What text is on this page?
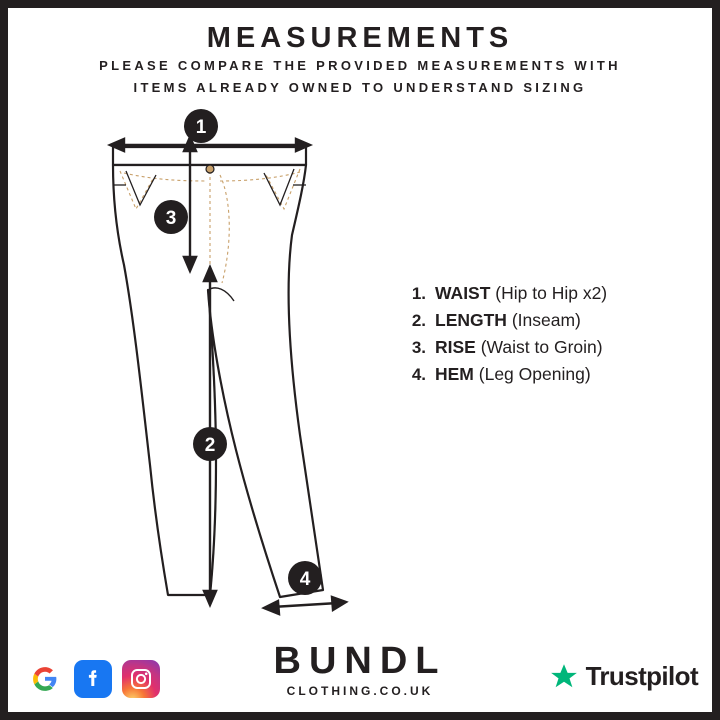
MEASUREMENTS
PLEASE COMPARE THE PROVIDED MEASUREMENTS WITH
ITEMS ALREADY OWNED TO UNDERSTAND SIZING
1
3
2
4
1. WAIST (Hip to Hip x2)
2. LENGTH (Inseam)
3. RISE (Waist to Groin)
4. HEM (Leg Opening)
BUNDL
CLOTHING.CO.UK	Trustpilot
